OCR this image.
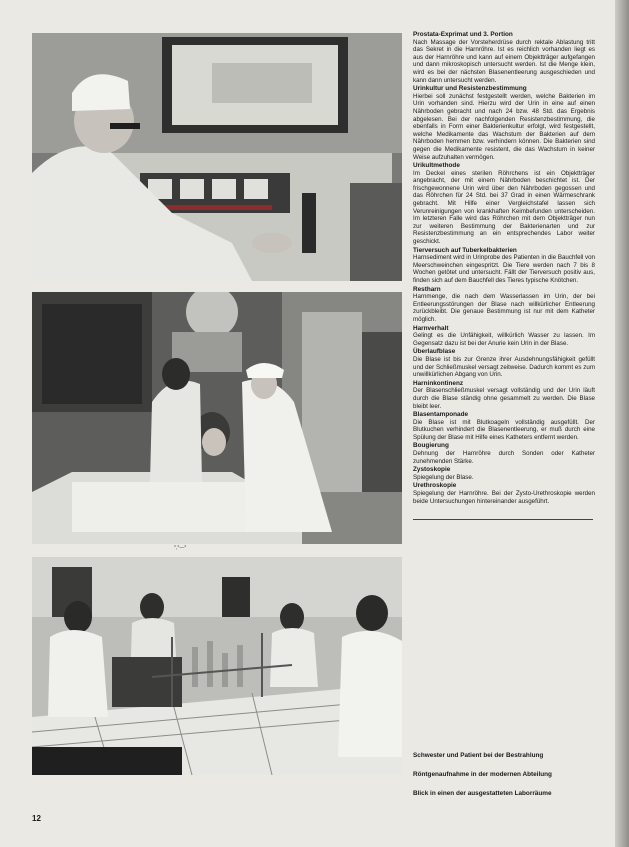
°,°—°
Prostata-Exprimat und 3. Portion

Nach Massage der Vorsteherdrüse durch rektale Ablastung tritt das Sekret in die Harnröhre. Ist es reichlich vorhanden liegt es aus der Harnröhre und kann auf einem Objektträger aufgefangen und dann mikroskopisch untersucht werden. Ist die Menge klein, wird es bei der nächsten Blasenentleerung ausgeschieden und kann dann untersucht werden.

Urinkultur und Resistenzbestimmung

Hierbei soll zunächst festgestellt werden, welche Bakterien im Urin vorhanden sind. Hierzu wird der Urin in eine auf einen Nährboden gebracht und nach 24 bzw. 48 Std. das Ergebnis abgelesen. Bei der nachfolgenden Resistenzbestimmung, die ebenfalls in Form einer Bakterienkultur erfolgt, wird festgestellt, welche Medikamente das Wachstum der Bakterien auf dem Nährboden hemmen bzw. verhindern können. Die Bakterien sind gegen die Medikamente resistent, die das Wachstum in keiner Weise aufzuhalten vermögen.

Urikultmethode

Im Deckel eines sterilen Röhrchens ist ein Objektträger angebracht, der mit einem Nährboden beschichtet ist. Der frischgewonnene Urin wird über den Nährboden gegossen und das Röhrchen für 24 Std. bei 37 Grad in einen Wärmeschrank gebracht. Mit Hilfe einer Vergleichstafel lassen sich Verunreinigungen von krankhaften Keimbefunden unterscheiden. Im letzteren Falle wird das Röhrchen mit dem Objektträger nun zur weiteren Bestimmung der Bakterienarten und zur Resistenzbestimmung an ein entsprechendes Labor weiter geschickt.

Tierversuch auf Tuberkelbakterien

Harnsediment wird in Urinprobe des Patienten in die Bauchfell von Meerschweinchen eingespritzt. Die Tiere werden nach 7 bis 8 Wochen getötet und untersucht. Fällt der Tierversuch positiv aus, finden sich auf dem Bauchfell des Tieres typische Knötchen.

Restharn

Harnmenge, die nach dem Wasserlassen im Urin, der bei Entleerungsstörungen der Blase nach willkürlicher Entleerung zurückbleibt. Die genaue Bestimmung ist nur mit dem Katheter möglich.

Harnverhalt

Gelingt es die Unfähigkeit, willkürlich Wasser zu lassen. Im Gegensatz dazu ist bei der Anurie kein Urin in der Blase.

Überlaufblase

Die Blase ist bis zur Grenze ihrer Ausdehnungsfähigkeit gefüllt und der Schließmuskel versagt zeitweise. Dadurch kommt es zum unwillkürlichen Abgang von Urin.

Harninkontinenz

Der Blasenschließmuskel versagt vollständig und der Urin läuft durch die Blase ständig ohne gesammelt zu werden. Die Blase bleibt leer.

Blasentamponade

Die Blase ist mit Blutkoageln vollständig ausgefüllt. Der Blutkuchen verhindert die Blasenentleerung, er muß durch eine Spülung der Blase mit Hilfe eines Katheters entfernt werden.

Bougierung

Dehnung der Harnröhre durch Sonden oder Katheter zunehmenden Stärke.

Zystoskopie

Spiegelung der Blase.

Urethroskopie

Spiegelung der Harnröhre. Bei der Zysto-Urethroskopie werden beide Untersuchungen hintereinander ausgeführt.

Schwester und Patient bei der Bestrahlung
Röntgenaufnahme in der modernen Abteilung
Blick in einen der ausgestatteten Laborräume
12
